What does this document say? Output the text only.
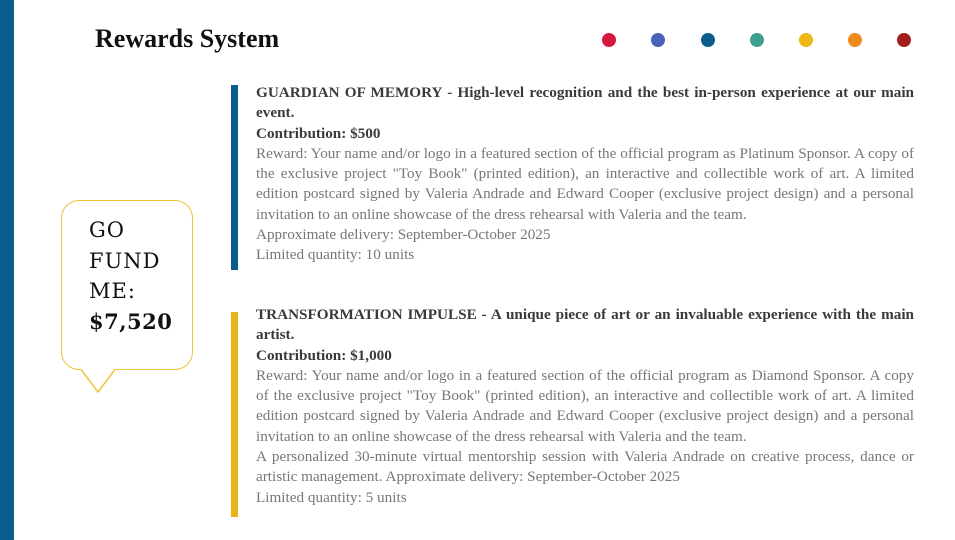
Rewards System
GO
FUND
ME:
$7,520
GUARDIAN OF MEMORY - High-level recognition and the best in-person experience at our main event.
Contribution: $500
Reward: Your name and/or logo in a featured section of the official program as Platinum Sponsor. A copy of the exclusive project "Toy Book" (printed edition), an interactive and collectible work of art. A limited edition postcard signed by Valeria Andrade and Edward Cooper (exclusive project design) and a personal invitation to an online showcase of the dress rehearsal with Valeria and the team.
Approximate delivery: September-October 2025
Limited quantity: 10 units
TRANSFORMATION IMPULSE - A unique piece of art or an invaluable experience with the main artist.
Contribution: $1,000
Reward: Your name and/or logo in a featured section of the official program as Diamond Sponsor. A copy of the exclusive project "Toy Book" (printed edition), an interactive and collectible work of art. A limited edition postcard signed by Valeria Andrade and Edward Cooper (exclusive project design) and a personal invitation to an online showcase of the dress rehearsal with Valeria and the team.
A personalized 30-minute virtual mentorship session with Valeria Andrade on creative process, dance or artistic management. Approximate delivery: September-October 2025
Limited quantity: 5 units
